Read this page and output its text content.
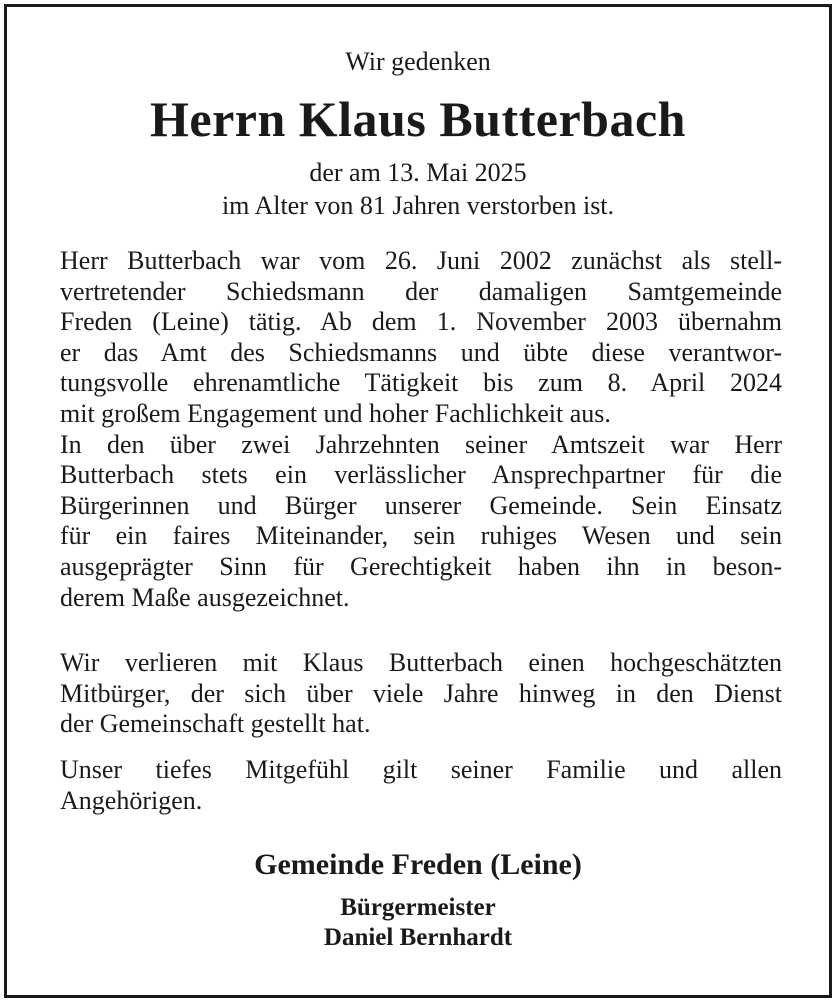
Wir gedenken
Herrn Klaus Butterbach
der am 13. Mai 2025
im Alter von 81 Jahren verstorben ist.
Herr Butterbach war vom 26. Juni 2002 zunächst als stell-
vertretender Schiedsmann der damaligen Samtgemeinde
Freden (Leine) tätig. Ab dem 1. November 2003 übernahm
er das Amt des Schiedsmanns und übte diese verantwor-
tungsvolle ehrenamtliche Tätigkeit bis zum 8. April 2024
mit großem Engagement und hoher Fachlichkeit aus.
In den über zwei Jahrzehnten seiner Amtszeit war Herr
Butterbach stets ein verlässlicher Ansprechpartner für die
Bürgerinnen und Bürger unserer Gemeinde. Sein Einsatz
für ein faires Miteinander, sein ruhiges Wesen und sein
ausgeprägter Sinn für Gerechtigkeit haben ihn in beson-
derem Maße ausgezeichnet.
Wir verlieren mit Klaus Butterbach einen hochgeschätzten
Mitbürger, der sich über viele Jahre hinweg in den Dienst
der Gemeinschaft gestellt hat.
Unser tiefes Mitgefühl gilt seiner Familie und allen
Angehörigen.
Gemeinde Freden (Leine)
Bürgermeister
Daniel Bernhardt
